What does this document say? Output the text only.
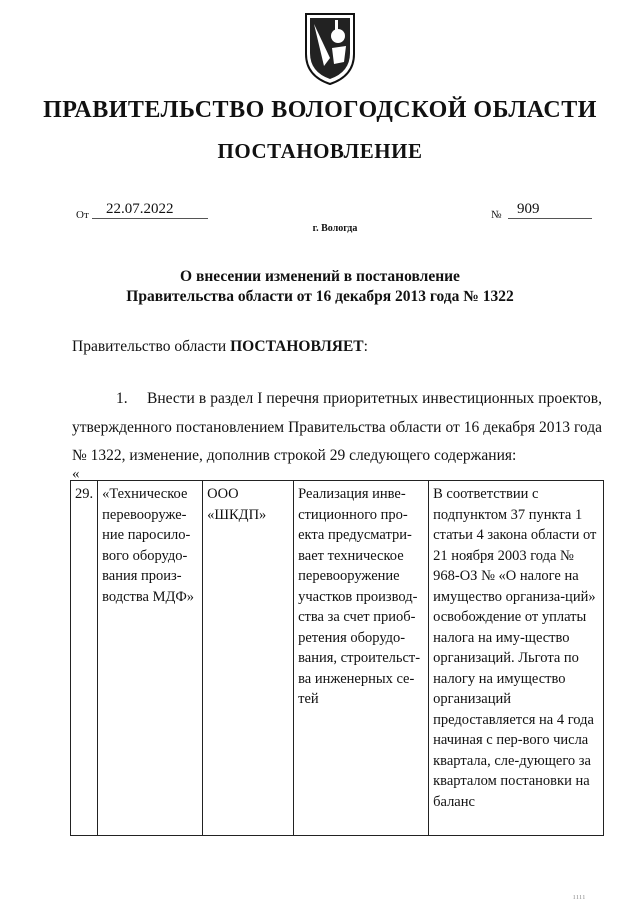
ПРАВИТЕЛЬСТВО ВОЛОГОДСКОЙ ОБЛАСТИ
ПОСТАНОВЛЕНИЕ
От	22.07.2022	№	909
г. Вологда
О внесении изменений в постановление
Правительства области от 16 декабря 2013 года № 1322
Правительство области ПОСТАНОВЛЯЕТ:
1. Внести в раздел I перечня приоритетных инвестиционных проектов, утвержденного постановлением Правительства области от 16 декабря 2013 года № 1322, изменение, дополнив строкой 29 следующего содержания:
«
29.	«Техническое перевооруже-ние паросило-вого оборудо-вания произ-водства МДФ»	ООО «ШКДП»	Реализация инве-стиционного про-екта предусматри-вает техническое перевооружение участков производ-ства за счет приоб-ретения оборудо-вания, строительст-ва инженерных се-тей	В соответствии с подпунктом 37 пункта 1 статьи 4 закона области от 21 ноября 2003 года № 968-ОЗ № «О налоге на имущество организа-ций» освобождение от уплаты налога на иму-щество организаций. Льгота по налогу на имущество организаций предоставляется на 4 года начиная с пер-вого числа квартала, сле-дующего за кварталом постановки на баланс
ıııı
